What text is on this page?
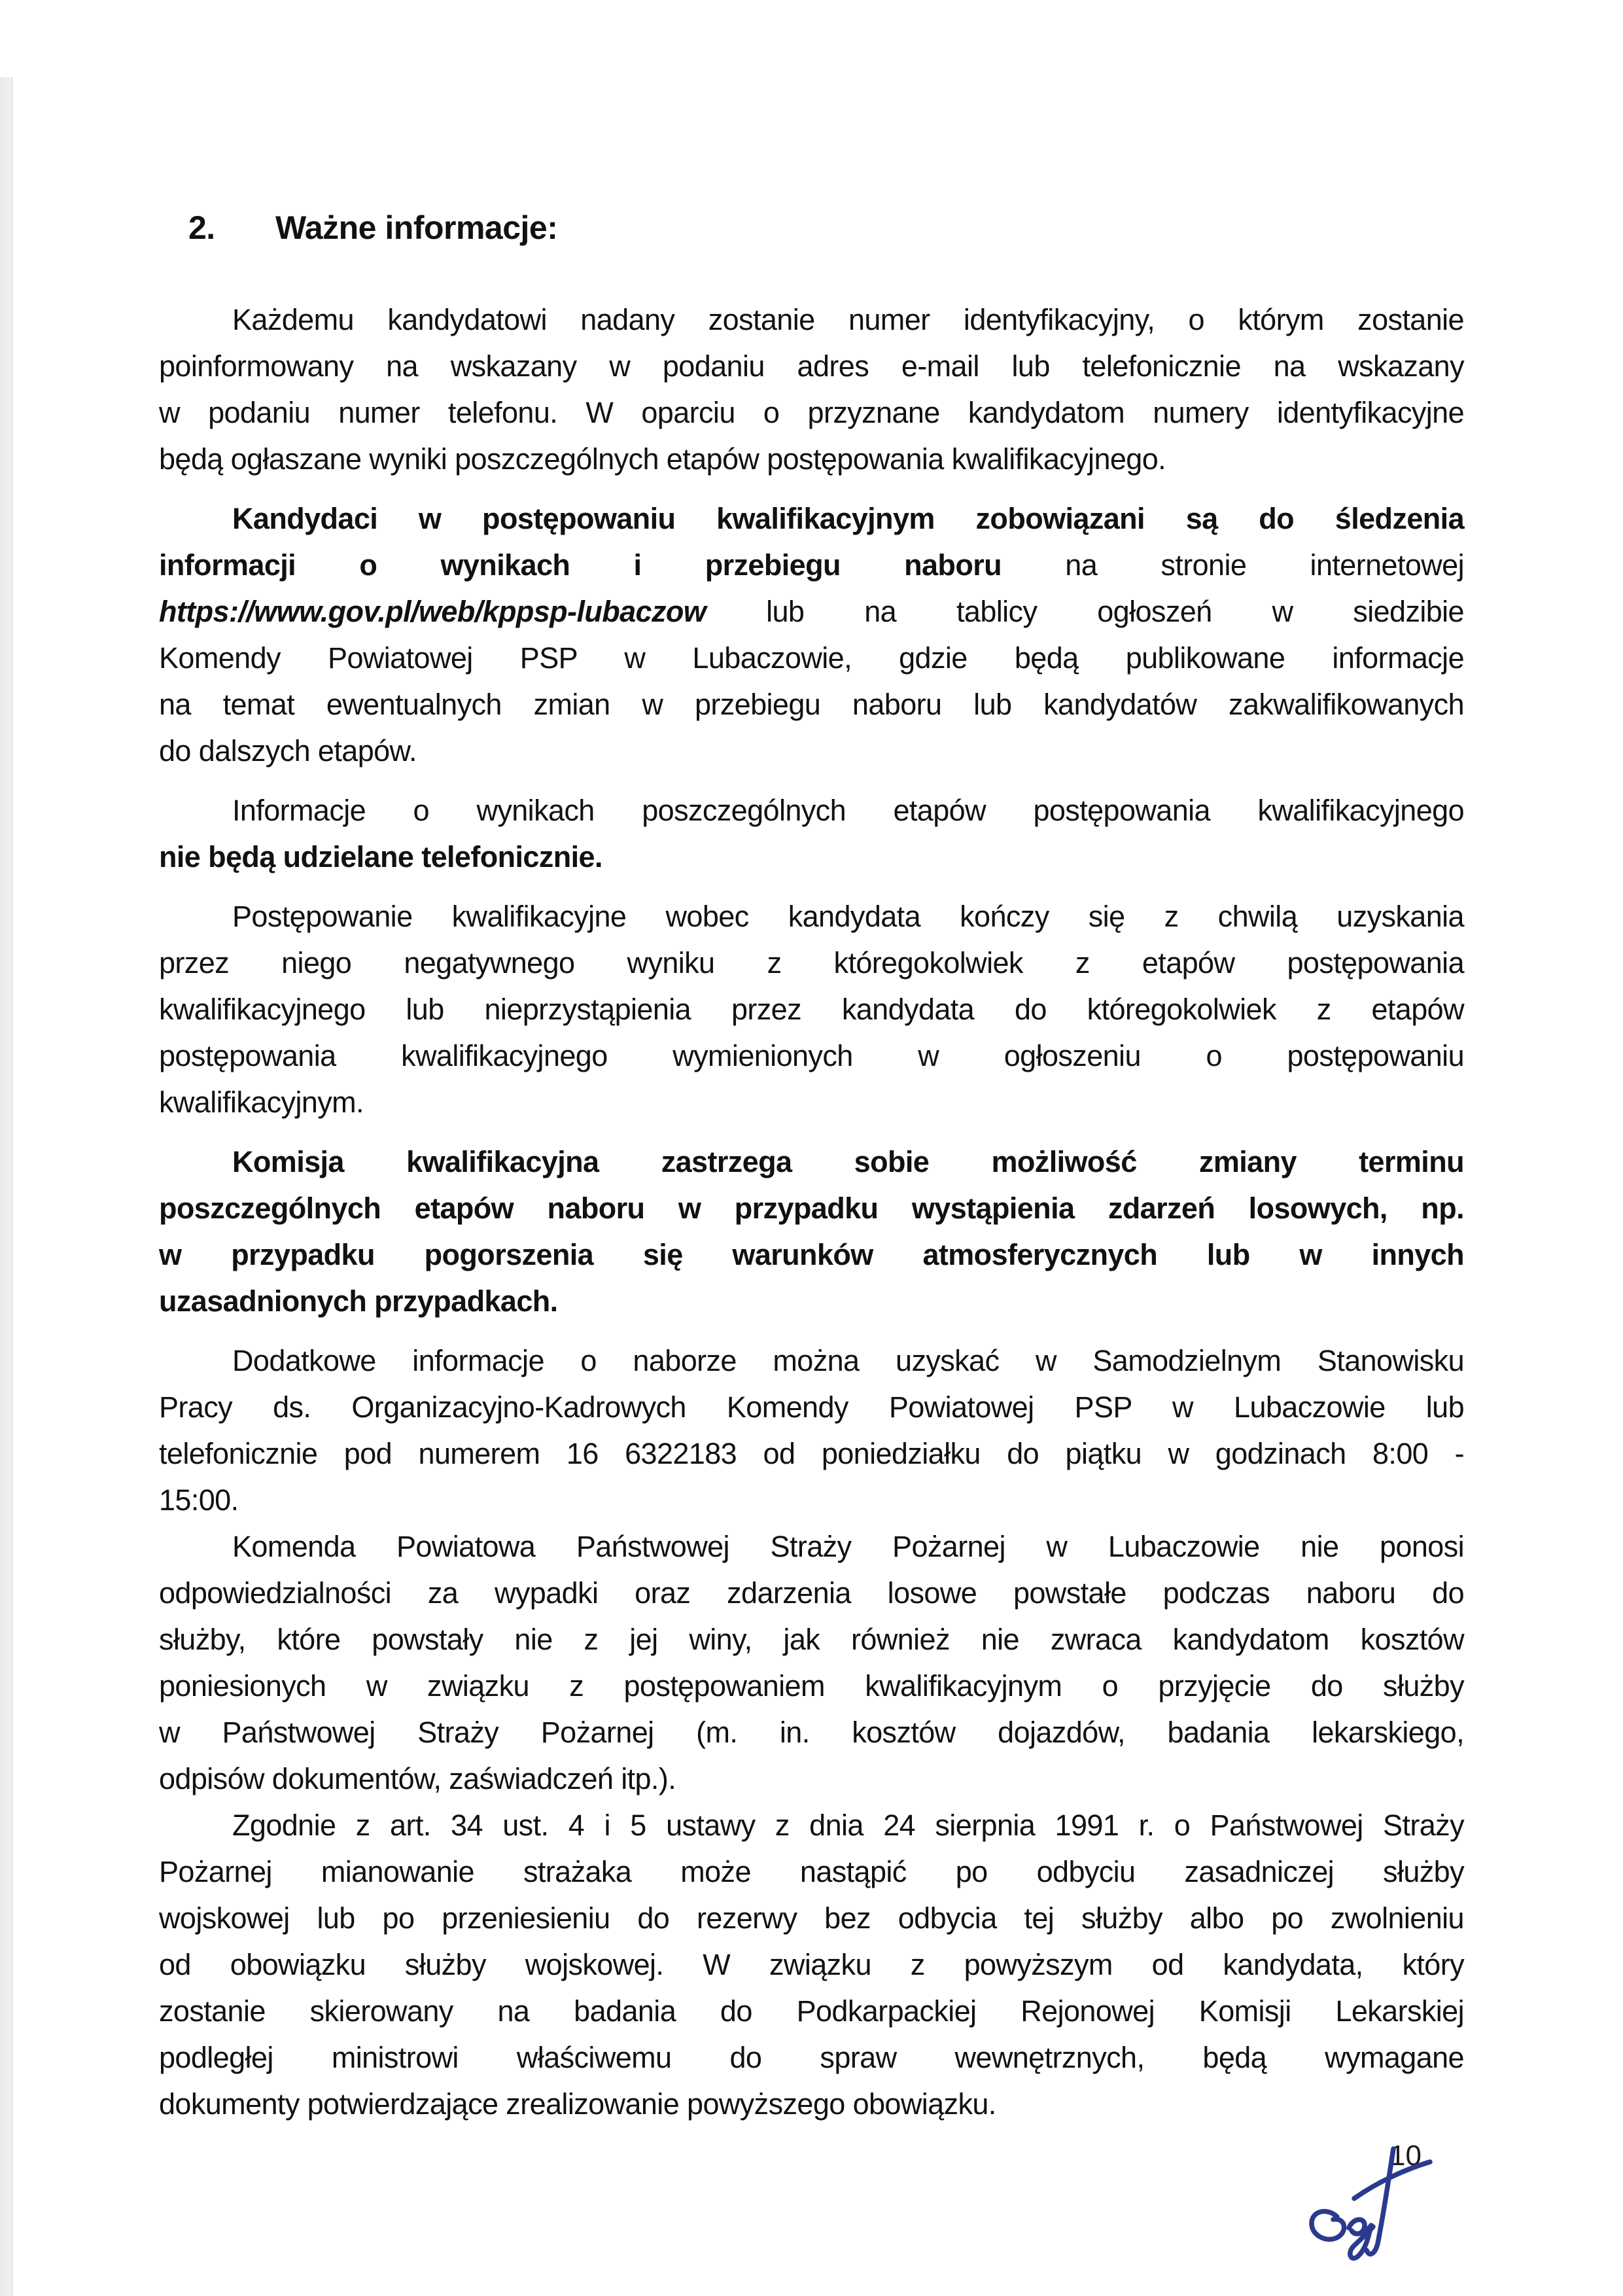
2. Ważne informacje:
Każdemu kandydatowi nadany zostanie numer identyfikacyjny, o którym zostanie
poinformowany na wskazany w podaniu adres e-mail lub telefonicznie na wskazany
w podaniu numer telefonu. W oparciu o przyznane kandydatom numery identyfikacyjne
będą ogłaszane wyniki poszczególnych etapów postępowania kwalifikacyjnego.
Kandydaci w postępowaniu kwalifikacyjnym zobowiązani są do śledzenia
informacji o wynikach i przebiegu naboru na stronie internetowej
https://www.gov.pl/web/kppsp-lubaczow lub na tablicy ogłoszeń w siedzibie
Komendy Powiatowej PSP w Lubaczowie, gdzie będą publikowane informacje
na temat ewentualnych zmian w przebiegu naboru lub kandydatów zakwalifikowanych
do dalszych etapów.
Informacje o wynikach poszczególnych etapów postępowania kwalifikacyjnego
nie będą udzielane telefonicznie.
Postępowanie kwalifikacyjne wobec kandydata kończy się z chwilą uzyskania
przez niego negatywnego wyniku z któregokolwiek z etapów postępowania
kwalifikacyjnego lub nieprzystąpienia przez kandydata do któregokolwiek z etapów
postępowania kwalifikacyjnego wymienionych w ogłoszeniu o postępowaniu
kwalifikacyjnym.
Komisja kwalifikacyjna zastrzega sobie możliwość zmiany terminu
poszczególnych etapów naboru w przypadku wystąpienia zdarzeń losowych, np.
w przypadku pogorszenia się warunków atmosferycznych lub w innych
uzasadnionych przypadkach.
Dodatkowe informacje o naborze można uzyskać w Samodzielnym Stanowisku
Pracy ds. Organizacyjno-Kadrowych Komendy Powiatowej PSP w Lubaczowie lub
telefonicznie pod numerem 16 6322183 od poniedziałku do piątku w godzinach 8:00 -
15:00.
Komenda Powiatowa Państwowej Straży Pożarnej w Lubaczowie nie ponosi
odpowiedzialności za wypadki oraz zdarzenia losowe powstałe podczas naboru do
służby, które powstały nie z jej winy, jak również nie zwraca kandydatom kosztów
poniesionych w związku z postępowaniem kwalifikacyjnym o przyjęcie do służby
w Państwowej Straży Pożarnej (m. in. kosztów dojazdów, badania lekarskiego,
odpisów dokumentów, zaświadczeń itp.).
Zgodnie z art. 34 ust. 4 i 5 ustawy z dnia 24 sierpnia 1991 r. o Państwowej Straży
Pożarnej mianowanie strażaka może nastąpić po odbyciu zasadniczej służby
wojskowej lub po przeniesieniu do rezerwy bez odbycia tej służby albo po zwolnieniu
od obowiązku służby wojskowej. W związku z powyższym od kandydata, który
zostanie skierowany na badania do Podkarpackiej Rejonowej Komisji Lekarskiej
podległej ministrowi właściwemu do spraw wewnętrznych, będą wymagane
dokumenty potwierdzające zrealizowanie powyższego obowiązku.
10
